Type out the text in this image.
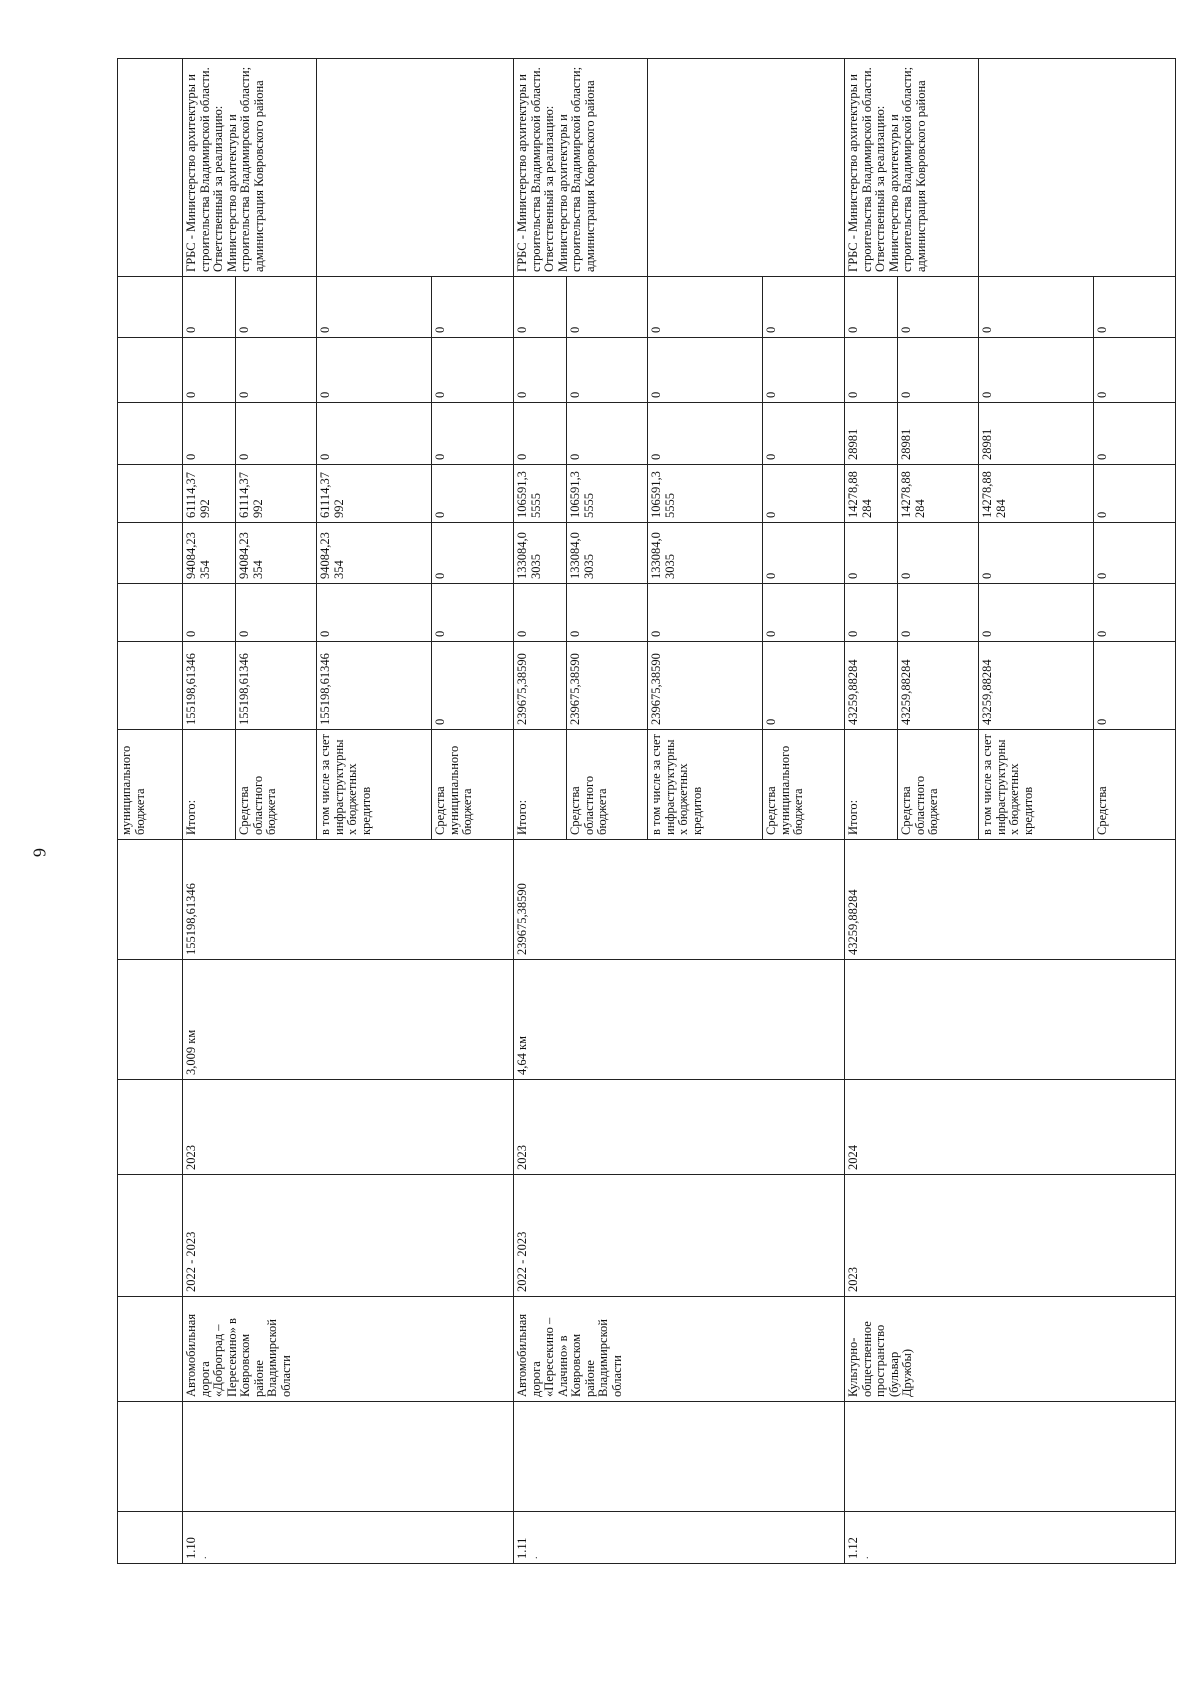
6
							муниципального бюджета								

1.10 .		Автомобильная дорога «Доброград – Пересекино» в Ковровском районе Владимирской области	2022 - 2023	2023	3,009 км	155198,61346	Итого:	155198,61346	0	94084,23354	61114,37992	0	0	0	ГРБС - Министерство архитектуры и строительства Владимирской области. Ответственный за реализацию: Министерство архитектуры и строительства Владимирской области; администрация Ковровского района
							Средства областного бюджета	155198,61346	0	94084,23354	61114,37992	0	0	0	
							в том числе за счет инфраструктурных бюджетных кредитов	155198,61346	0	94084,23354	61114,37992	0	0	0	
							Средства муниципального бюджета	0	0	0	0	0	0	0	

1.11 .		Автомобильная дорога «Пересекино – Алачино» в Ковровском районе Владимирской области	2022 - 2023	2023	4,64 км	239675,38590	Итого:	239675,38590	0	133084,03035	106591,35555	0	0	0	ГРБС - Министерство архитектуры и строительства Владимирской области. Ответственный за реализацию: Министерство архитектуры и строительства Владимирской области; администрация Ковровского района
							Средства областного бюджета	239675,38590	0	133084,03035	106591,35555	0	0	0	
							в том числе за счет инфраструктурных бюджетных кредитов	239675,38590	0	133084,03035	106591,35555	0	0	0	
							Средства муниципального бюджета	0	0	0	0	0	0	0	

1.12 .		Культурно-общественное пространство (бульвар Дружбы)	2023	2024		43259,88284	Итого:	43259,88284	0	0	14278,88284	28981	0	0	ГРБС - Министерство архитектуры и строительства Владимирской области. Ответственный за реализацию: Министерство архитектуры и строительства Владимирской области; администрация Ковровского района
							Средства областного бюджета	43259,88284	0	0	14278,88284	28981	0	0	
							в том числе за счет инфраструктурных бюджетных кредитов	43259,88284	0	0	14278,88284	28981	0	0	
							Средства	0	0	0	0	0	0	0	
